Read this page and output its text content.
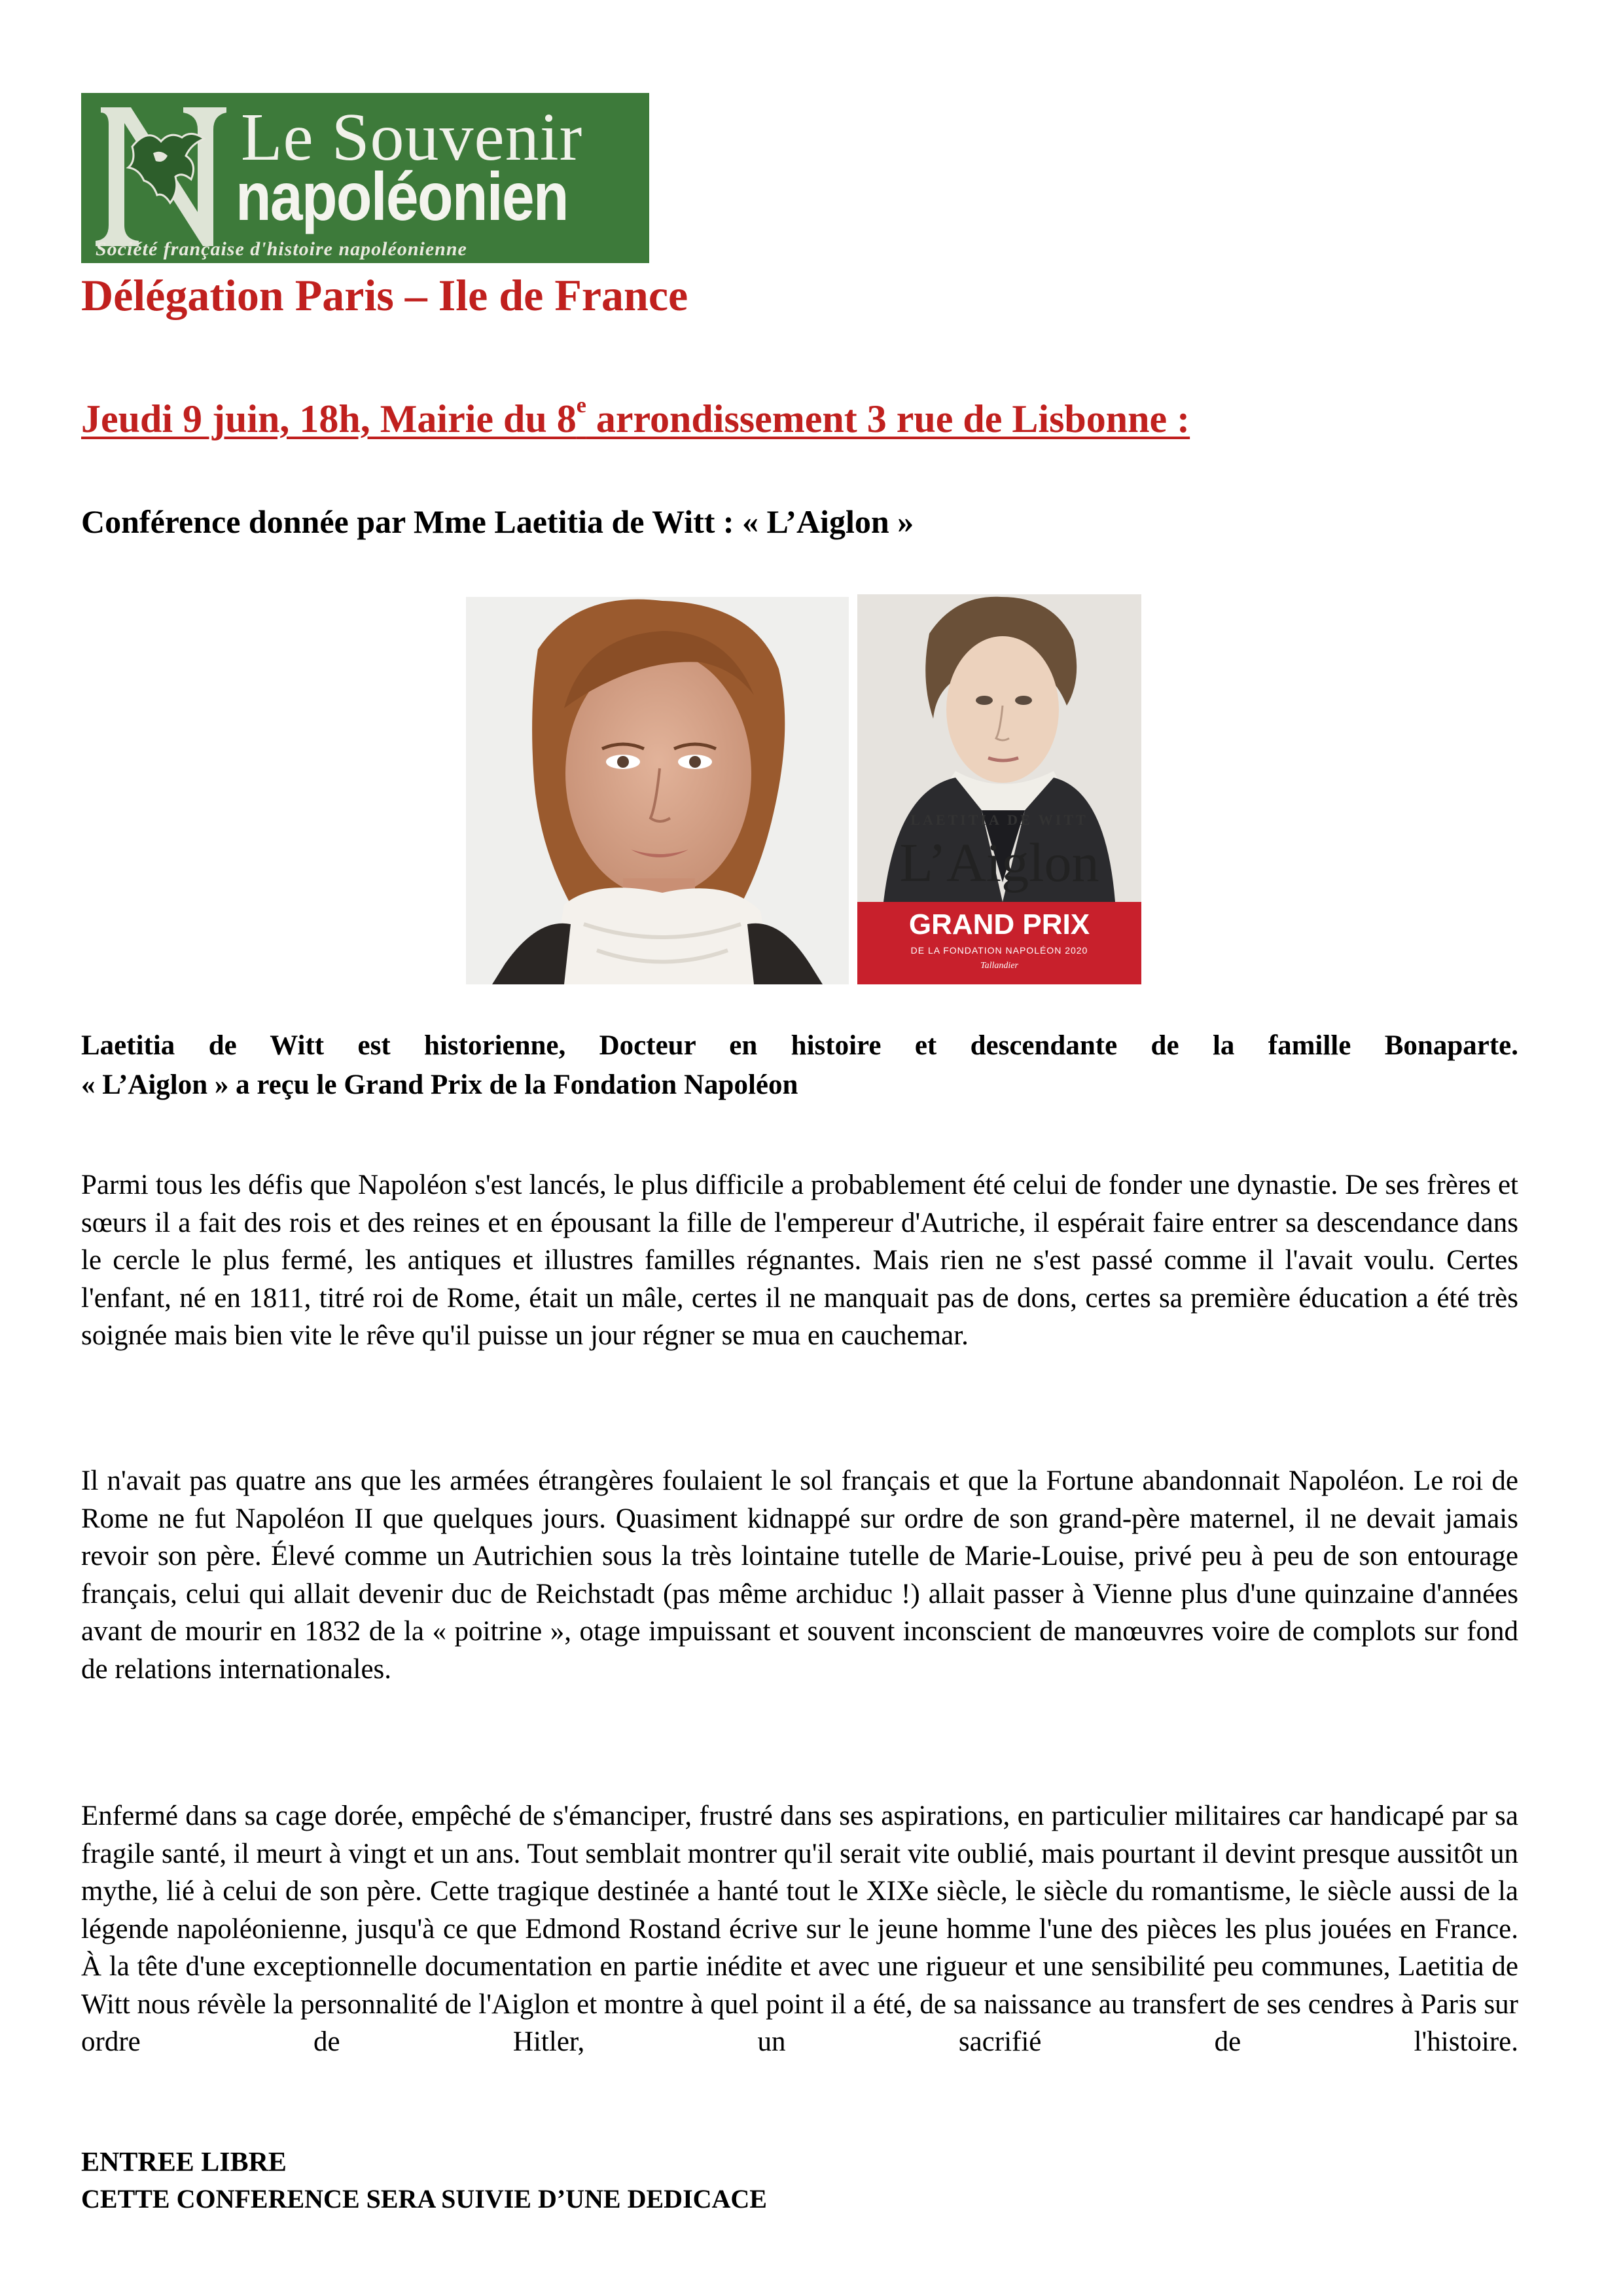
Le Souvenir
napoléonien
Société française d'histoire napoléonienne
Délégation Paris – Ile de France
Jeudi 9 juin, 18h, Mairie du 8e arrondissement 3 rue de Lisbonne :
Conférence donnée par Mme Laetitia de Witt : « L’Aiglon »
LAETITIA DE WITT
L’Aiglon
GRAND PRIX
DE LA FONDATION NAPOLÉON 2020
Tallandier
Laetitia de Witt est historienne, Docteur en histoire et descendante de la famille Bonaparte.
« L’Aiglon » a reçu le Grand Prix de la Fondation Napoléon

Parmi tous les défis que Napoléon s'est lancés, le plus difficile a probablement été celui de fonder une dynastie. De ses frères et sœurs il a fait des rois et des reines et en épousant la fille de l'empereur d'Autriche, il espérait faire entrer sa descendance dans le cercle le plus fermé, les antiques et illustres familles régnantes. Mais rien ne s'est passé comme il l'avait voulu. Certes l'enfant, né en 1811, titré roi de Rome, était un mâle, certes il ne manquait pas de dons, certes sa première éducation a été très soignée mais bien vite le rêve qu'il puisse un jour régner se mua en cauchemar.

Il n'avait pas quatre ans que les armées étrangères foulaient le sol français et que la Fortune abandonnait Napoléon. Le roi de Rome ne fut Napoléon II que quelques jours. Quasiment kidnappé sur ordre de son grand-père maternel, il ne devait jamais revoir son père. Élevé comme un Autrichien sous la très lointaine tutelle de Marie-Louise, privé peu à peu de son entourage français, celui qui allait devenir duc de Reichstadt (pas même archiduc !) allait passer à Vienne plus d'une quinzaine d'années avant de mourir en 1832 de la « poitrine », otage impuissant et souvent inconscient de manœuvres voire de complots sur fond de relations internationales.

Enfermé dans sa cage dorée, empêché de s'émanciper, frustré dans ses aspirations, en particulier militaires car handicapé par sa fragile santé, il meurt à vingt et un ans. Tout semblait montrer qu'il serait vite oublié, mais pourtant il devint presque aussitôt un mythe, lié à celui de son père. Cette tragique destinée a hanté tout le XIXe siècle, le siècle du romantisme, le siècle aussi de la légende napoléonienne, jusqu'à ce que Edmond Rostand écrive sur le jeune homme l'une des pièces les plus jouées en France.
À la tête d'une exceptionnelle documentation en partie inédite et avec une rigueur et une sensibilité peu communes, Laetitia de Witt nous révèle la personnalité de l'Aiglon et montre à quel point il a été, de sa naissance au transfert de ses cendres à Paris sur ordre de Hitler, un sacrifié de l'histoire.

ENTREE LIBRE
CETTE CONFERENCE SERA SUIVIE D’UNE DEDICACE
